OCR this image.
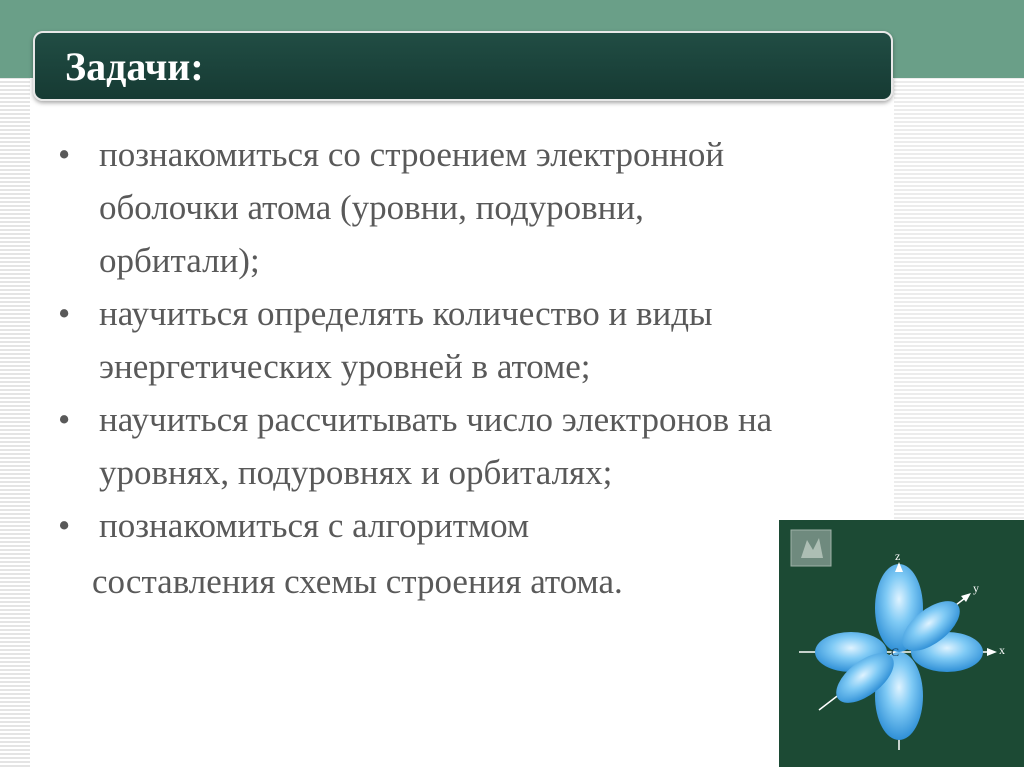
Задачи:
• познакомиться со строением электронной
оболочки атома (уровни, подуровни,
орбитали);
• научиться определять количество и виды
энергетических уровней в атоме;
• научиться рассчитывать число электронов на
уровнях, подуровнях и орбиталях;
• познакомиться с алгоритмом
составления схемы строения атома.
z
y
x
C
